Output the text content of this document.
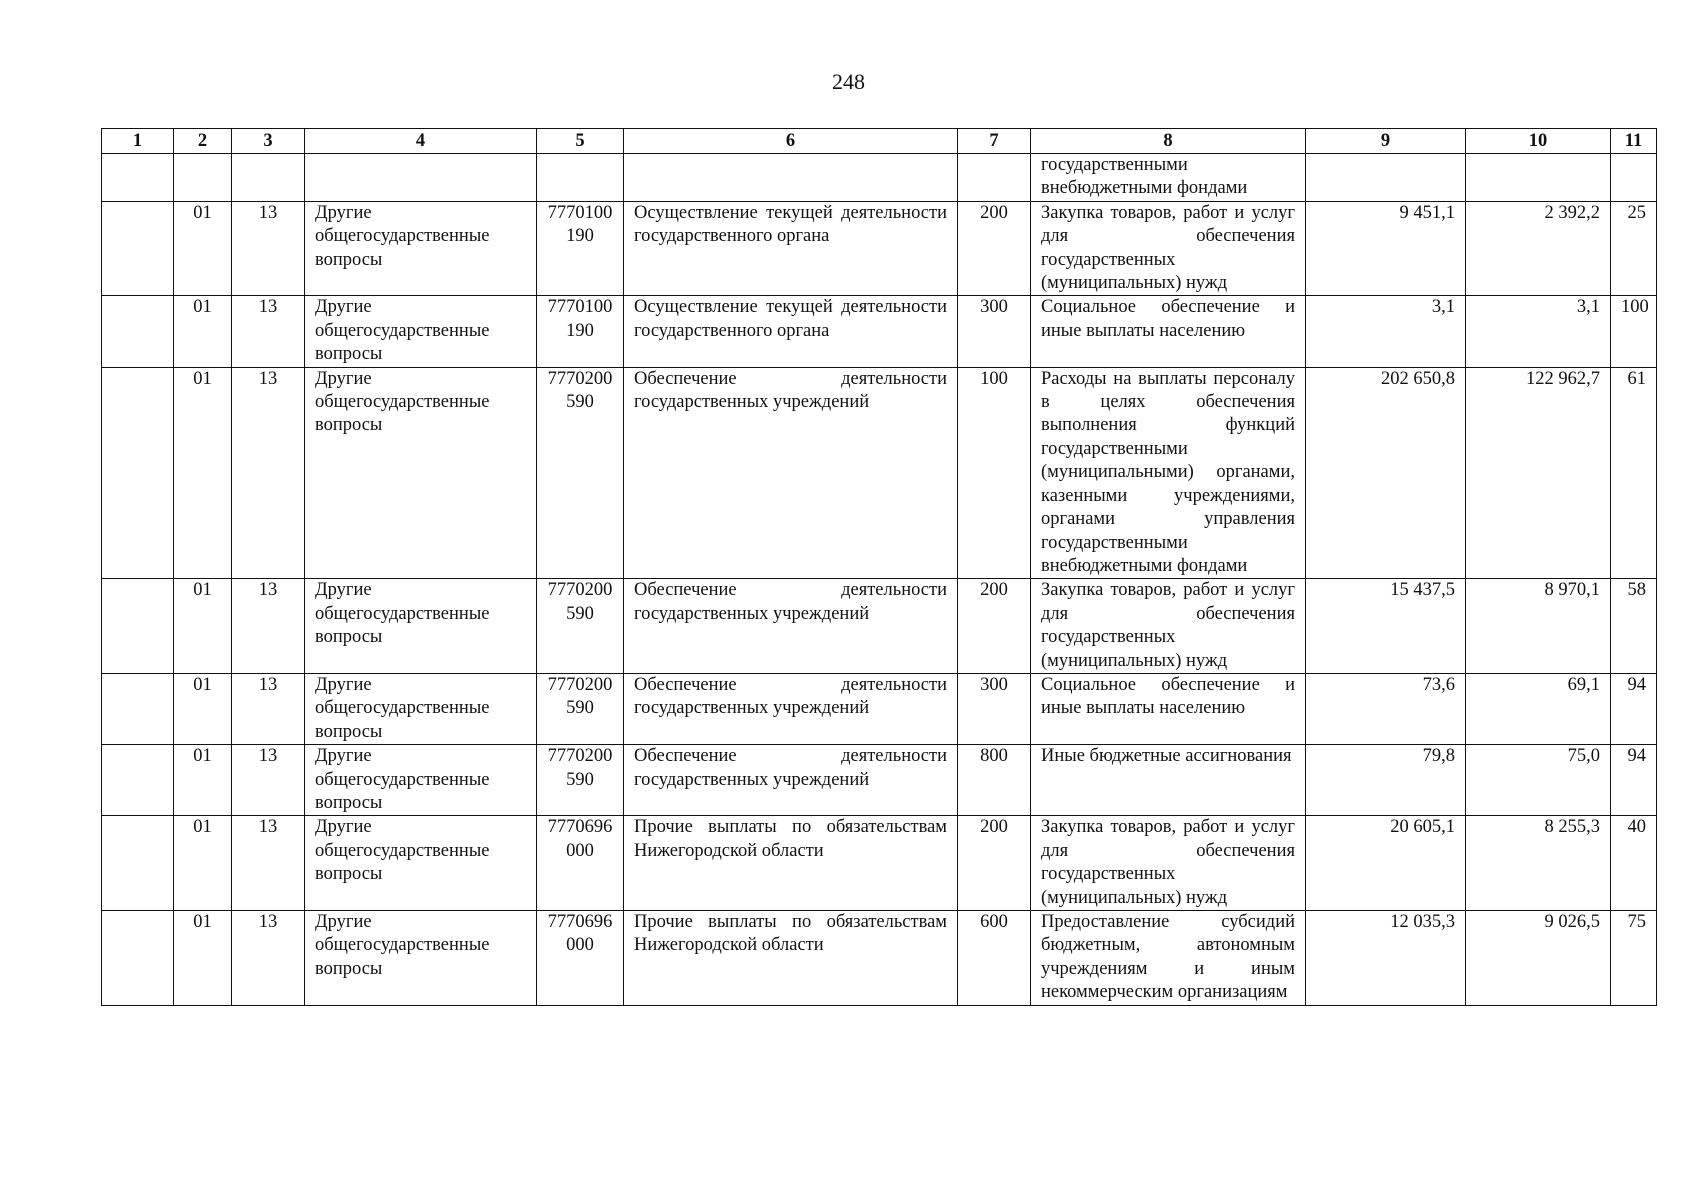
248
1	2	3	4	5	6	7	8	9	10	11
							государственными внебюджетными фондами			
	01	13	Другие общегосударственные вопросы	7770100190	Осуществление текущей деятельности государственного органа	200	Закупка товаров, работ и услуг для обеспечения государственных (муниципальных) нужд	9 451,1	2 392,2	25
	01	13	Другие общегосударственные вопросы	7770100190	Осуществление текущей деятельности государственного органа	300	Социальное обеспечение и иные выплаты населению	3,1	3,1	100
	01	13	Другие общегосударственные вопросы	7770200590	Обеспечение деятельности государственных учреждений	100	Расходы на выплаты персоналу в целях обеспечения выполнения функций государственными (муниципальными) органами, казенными учреждениями, органами управления государственными внебюджетными фондами	202 650,8	122 962,7	61
	01	13	Другие общегосударственные вопросы	7770200590	Обеспечение деятельности государственных учреждений	200	Закупка товаров, работ и услуг для обеспечения государственных (муниципальных) нужд	15 437,5	8 970,1	58
	01	13	Другие общегосударственные вопросы	7770200590	Обеспечение деятельности государственных учреждений	300	Социальное обеспечение и иные выплаты населению	73,6	69,1	94
	01	13	Другие общегосударственные вопросы	7770200590	Обеспечение деятельности государственных учреждений	800	Иные бюджетные ассигнования	79,8	75,0	94
	01	13	Другие общегосударственные вопросы	7770696000	Прочие выплаты по обязательствам Нижегородской области	200	Закупка товаров, работ и услуг для обеспечения государственных (муниципальных) нужд	20 605,1	8 255,3	40
	01	13	Другие общегосударственные вопросы	7770696000	Прочие выплаты по обязательствам Нижегородской области	600	Предоставление субсидий бюджетным, автономным учреждениям и иным некоммерческим организациям	12 035,3	9 026,5	75
